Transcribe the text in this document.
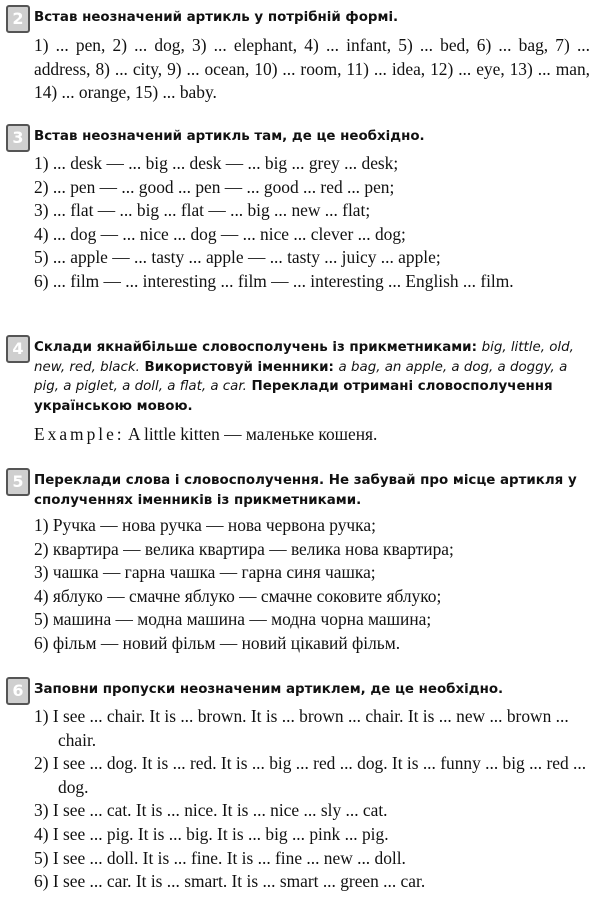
2 Встав неозначений артикль у потрібній формі.
1) ... pen, 2) ... dog, 3) ... elephant, 4) ... infant, 5) ... bed, 6) ... bag, 7) ... address, 8) ... city, 9) ... ocean, 10) ... room, 11) ... idea, 12) ... eye, 13) ... man, 14) ... orange, 15) ... baby.
3 Встав неозначений артикль там, де це необхідно.

1) ... desk — ... big ... desk — ... big ... grey ... desk;

2) ... pen — ... good ... pen — ... good ... red ... pen;

3) ... flat — ... big ... flat — ... big ... new ... flat;

4) ... dog — ... nice ... dog — ... nice ... clever ... dog;

5) ... apple — ... tasty ... apple — ... tasty ... juicy ... apple;

6) ... film — ... interesting ... film — ... interesting ... English ... film.

4 Склади якнайбільше словосполучень із прикметниками: big, little, old, new, red, black. Використовуй іменники: a bag, an apple, a dog, a doggy, a pig, a piglet, a doll, a flat, a car. Переклади отримані словосполучення українською мовою.
Example: A little kitten — маленьке кошеня.
5 Переклади слова і словосполучення. Не забувай про місце артикля у сполученнях іменників із прикметниками.

1) Ручка — нова ручка — нова червона ручка;

2) квартира — велика квартира — велика нова квартира;

3) чашка — гарна чашка — гарна синя чашка;

4) яблуко — смачне яблуко — смачне соковите яблуко;

5) машина — модна машина — модна чорна машина;

6) фільм — новий фільм — новий цікавий фільм.

6 Заповни пропуски неозначеним артиклем, де це необхідно.

1) I see ... chair. It is ... brown. It is ... brown ... chair. It is ... new ... brown ... chair.

2) I see ... dog. It is ... red. It is ... big ... red ... dog. It is ... funny ... big ... red ... dog.

3) I see ... cat. It is ... nice. It is ... nice ... sly ... cat.

4) I see ... pig. It is ... big. It is ... big ... pink ... pig.

5) I see ... doll. It is ... fine. It is ... fine ... new ... doll.

6) I see ... car. It is ... smart. It is ... smart ... green ... car.
